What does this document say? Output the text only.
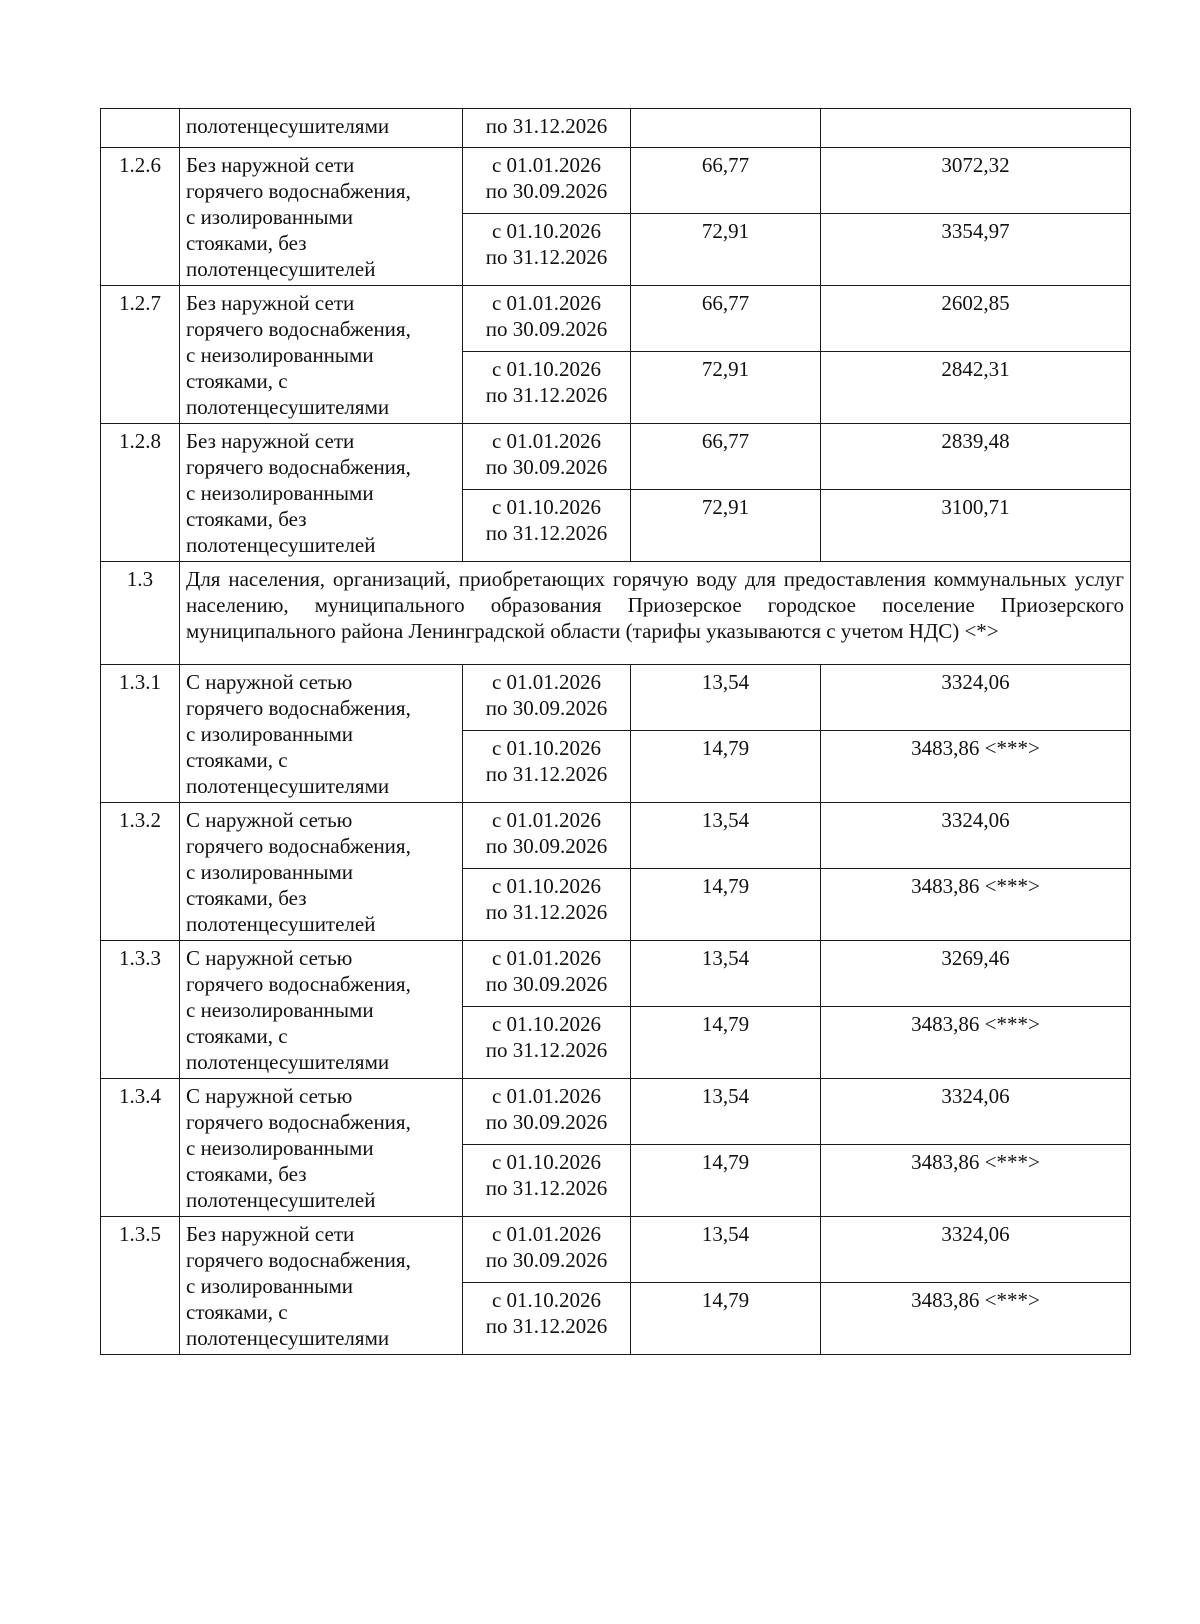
	полотенцесушителями	по 31.12.2026		
1.2.6	Без наружной сети
горячего водоснабжения,
с изолированными
стояками, без
полотенцесушителей	с 01.01.2026
по 30.09.2026	66,77	3072,32

		с 01.10.2026
по 31.12.2026	72,91	3354,97
1.2.7	Без наружной сети
горячего водоснабжения,
с неизолированными
стояками, с
полотенцесушителями	с 01.01.2026
по 30.09.2026	66,77	2602,85

		с 01.10.2026
по 31.12.2026	72,91	2842,31
1.2.8	Без наружной сети
горячего водоснабжения,
с неизолированными
стояками, без
полотенцесушителей	с 01.01.2026
по 30.09.2026	66,77	2839,48

		с 01.10.2026
по 31.12.2026	72,91	3100,71
1.3	Для населения, организаций, приобретающих горячую воду для предоставления коммунальных услуг населению, муниципального образования Приозерское городское поселение Приозерского муниципального района Ленинградской области (тарифы указываются с учетом НДС) <*>			
1.3.1	С наружной сетью
горячего водоснабжения,
с изолированными
стояками, с
полотенцесушителями	с 01.01.2026
по 30.09.2026	13,54	3324,06

		с 01.10.2026
по 31.12.2026	14,79	3483,86 <***>
1.3.2	С наружной сетью
горячего водоснабжения,
с изолированными
стояками, без
полотенцесушителей	с 01.01.2026
по 30.09.2026	13,54	3324,06

		с 01.10.2026
по 31.12.2026	14,79	3483,86 <***>
1.3.3	С наружной сетью
горячего водоснабжения,
с неизолированными
стояками, с
полотенцесушителями	с 01.01.2026
по 30.09.2026	13,54	3269,46

		с 01.10.2026
по 31.12.2026	14,79	3483,86 <***>
1.3.4	С наружной сетью
горячего водоснабжения,
с неизолированными
стояками, без
полотенцесушителей	с 01.01.2026
по 30.09.2026	13,54	3324,06

		с 01.10.2026
по 31.12.2026	14,79	3483,86 <***>
1.3.5	Без наружной сети
горячего водоснабжения,
с изолированными
стояками, с
полотенцесушителями	с 01.01.2026
по 30.09.2026	13,54	3324,06

		с 01.10.2026
по 31.12.2026	14,79	3483,86 <***>
